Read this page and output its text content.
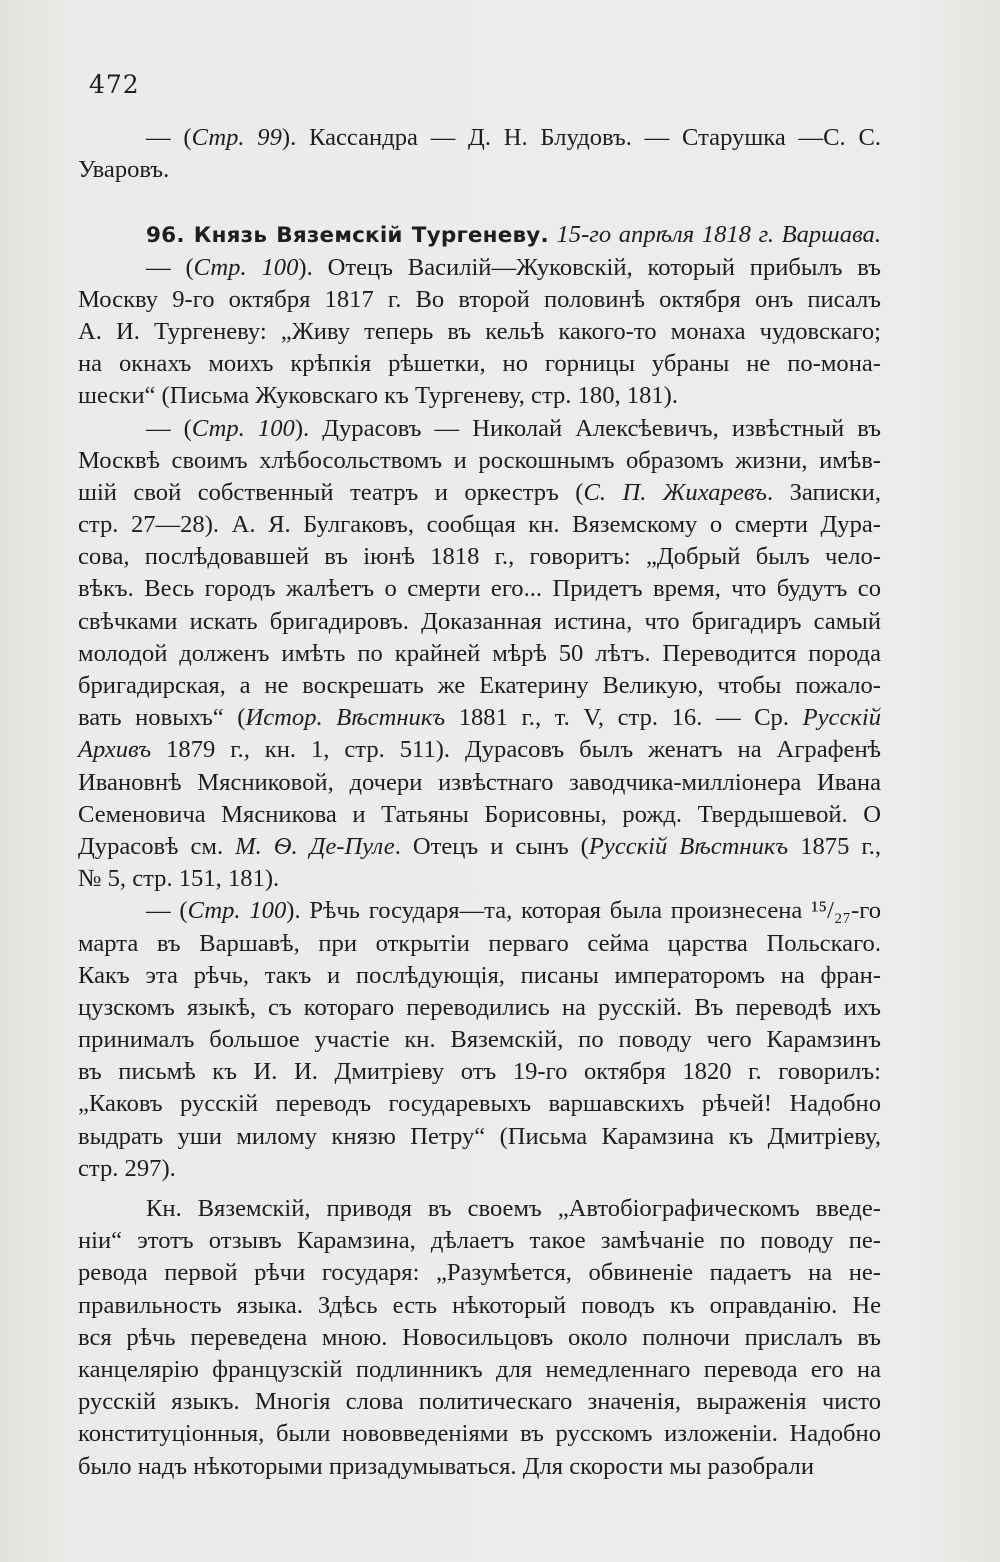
472
— (Стр. 99). Кассандра — Д. Н. Блудовъ. — Старушка —С. С.
Уваровъ.
96. Князь Вяземскій Тургеневу. 15-го апрѣля 1818 г. Варшава.
— (Стр. 100). Отецъ Василій—Жуковскій, который прибылъ въ
Москву 9-го октября 1817 г. Во второй половинѣ октября онъ писалъ
А. И. Тургеневу: „Живу теперь въ кельѣ какого-то монаха чудовскаго;
на окнахъ моихъ крѣпкія рѣшетки, но горницы убраны не по-мона-
шески“ (Письма Жуковскаго къ Тургеневу, стр. 180, 181).
— (Стр. 100). Дурасовъ — Николай Алексѣевичъ, извѣстный въ
Москвѣ своимъ хлѣбосольствомъ и роскошнымъ образомъ жизни, имѣв-
шій свой собственный театръ и оркестръ (С. П. Жихаревъ. Записки,
стр. 27—28). А. Я. Булгаковъ, сообщая кн. Вяземскому о смерти Дура-
сова, послѣдовавшей въ іюнѣ 1818 г., говоритъ: „Добрый былъ чело-
вѣкъ. Весь городъ жалѣетъ о смерти его... Придетъ время, что будутъ со
свѣчками искать бригадировъ. Доказанная истина, что бригадиръ самый
молодой долженъ имѣть по крайней мѣрѣ 50 лѣтъ. Переводится порода
бригадирская, а не воскрешать же Екатерину Великую, чтобы пожало-
вать новыхъ“ (Истор. Вѣстникъ 1881 г., т. V, стр. 16. — Ср. Русскій
Архивъ 1879 г., кн. 1, стр. 511). Дурасовъ былъ женатъ на Аграфенѣ
Ивановнѣ Мясниковой, дочери извѣстнаго заводчика-милліонера Ивана
Семеновича Мясникова и Татьяны Борисовны, рожд. Твердышевой. О
Дурасовѣ см. М. Ѳ. Де-Пуле. Отецъ и сынъ (Русскій Вѣстникъ 1875 г.,
№ 5, стр. 151, 181).
— (Стр. 100). Рѣчь государя—та, которая была произнесена ¹⁵/₂₇-го
марта въ Варшавѣ, при открытіи перваго сейма царства Польскаго.
Какъ эта рѣчь, такъ и послѣдующія, писаны императоромъ на фран-
цузскомъ языкѣ, съ котораго переводились на русскій. Въ переводѣ ихъ
принималъ большое участіе кн. Вяземскій, по поводу чего Карамзинъ
въ письмѣ къ И. И. Дмитріеву отъ 19-го октября 1820 г. говорилъ:
„Каковъ русскій переводъ государевыхъ варшавскихъ рѣчей! Надобно
выдрать уши милому князю Петру“ (Письма Карамзина къ Дмитріеву,
стр. 297).
Кн. Вяземскій, приводя въ своемъ „Автобіографическомъ введе-
ніи“ этотъ отзывъ Карамзина, дѣлаетъ такое замѣчаніе по поводу пе-
ревода первой рѣчи государя: „Разумѣется, обвиненіе падаетъ на не-
правильность языка. Здѣсь есть нѣкоторый поводъ къ оправданію. Не
вся рѣчь переведена мною. Новосильцовъ около полночи прислалъ въ
канцелярію французскій подлинникъ для немедленнаго перевода его на
русскій языкъ. Многія слова политическаго значенія, выраженія чисто
конституціонныя, были нововведеніями въ русскомъ изложеніи. Надобно
было надъ нѣкоторыми призадумываться. Для скорости мы разобрали
